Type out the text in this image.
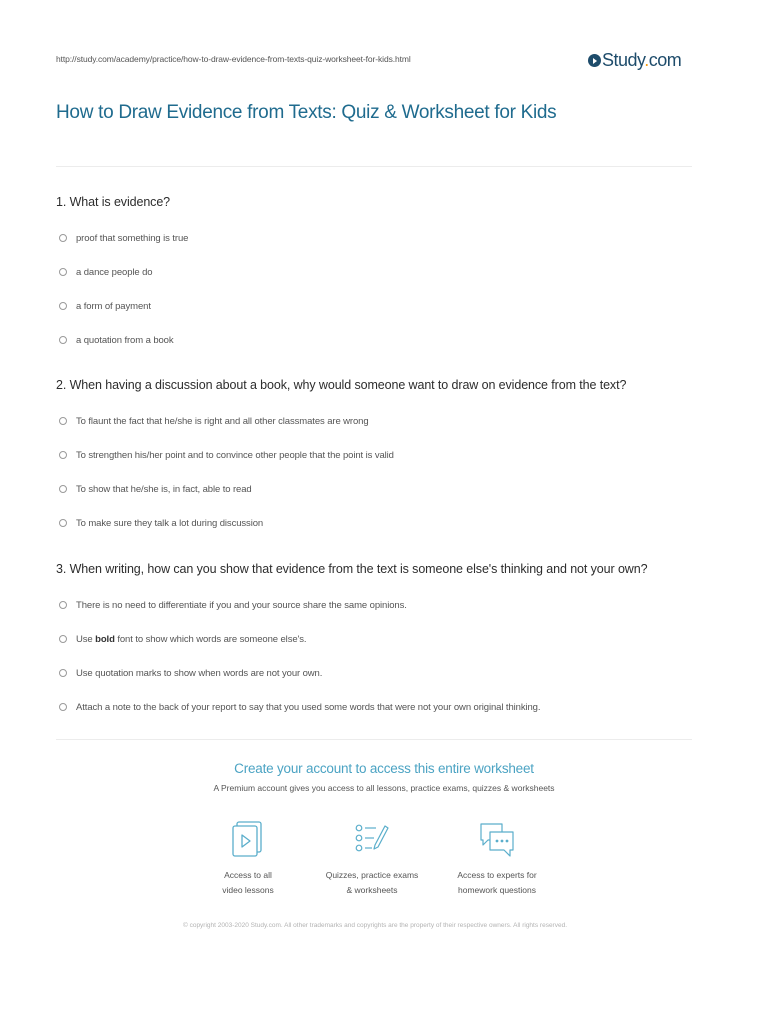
http://study.com/academy/practice/how-to-draw-evidence-from-texts-quiz-worksheet-for-kids.html	Study.com
How to Draw Evidence from Texts: Quiz & Worksheet for Kids

1. What is evidence?

proof that something is true
a dance people do
a form of payment
a quotation from a book

2. When having a discussion about a book, why would someone want to draw on evidence from the text?

To flaunt the fact that he/she is right and all other classmates are wrong
To strengthen his/her point and to convince other people that the point is valid
To show that he/she is, in fact, able to read
To make sure they talk a lot during discussion

3. When writing, how can you show that evidence from the text is someone else's thinking and not your own?

There is no need to differentiate if you and your source share the same opinions.
Use bold font to show which words are someone else's.
Use quotation marks to show when words are not your own.
Attach a note to the back of your report to say that you used some words that were not your own original thinking.
Create your account to access this entire worksheet
A Premium account gives you access to all lessons, practice exams, quizzes & worksheets
Access to all
video lessons
Quizzes, practice exams
& worksheets
Access to experts for
homework questions
© copyright 2003-2020 Study.com. All other trademarks and copyrights are the property of their respective owners. All rights reserved.
